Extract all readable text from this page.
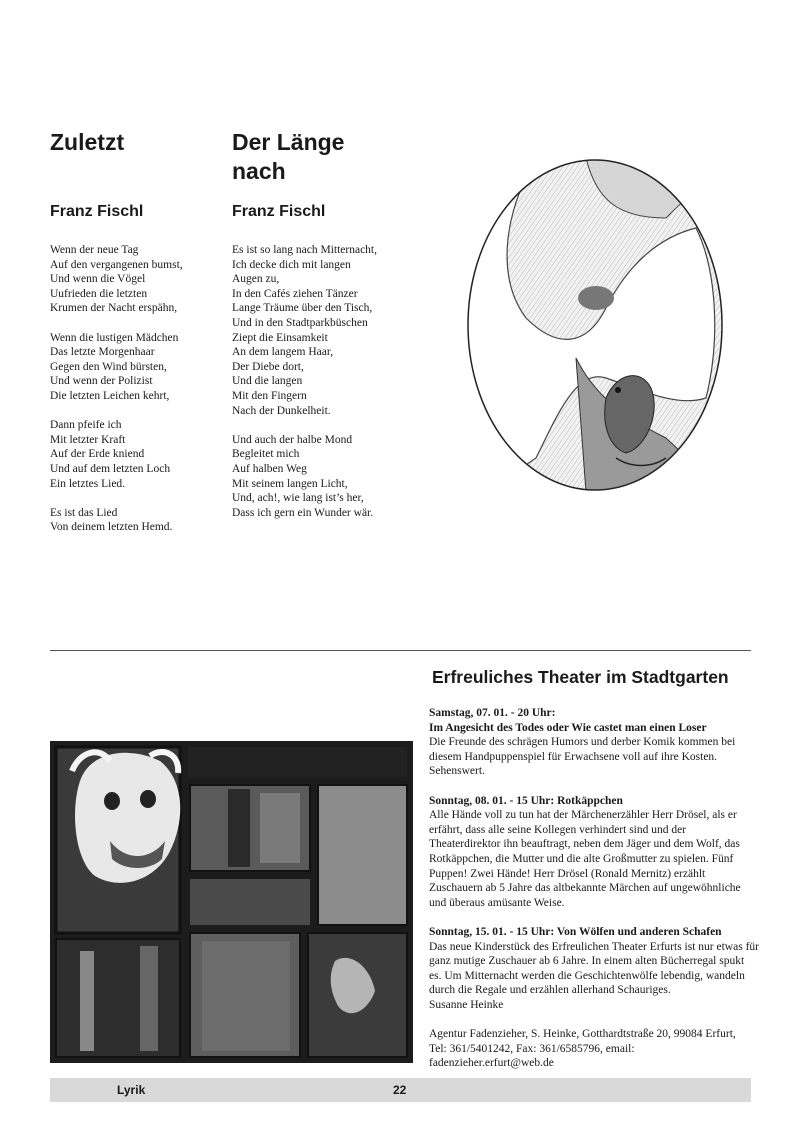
Zuletzt
Franz Fischl
Wenn der neue Tag
Auf den vergangenen bumst,
Und wenn die Vögel
Uufrieden die letzten
Krumen der Nacht erspähn,
Wenn die lustigen Mädchen
Das letzte Morgenhaar
Gegen den Wind bürsten,
Und wenn der Polizist
Die letzten Leichen kehrt,
Dann pfeife ich
Mit letzter Kraft
Auf der Erde kniend
Und auf dem letzten Loch
Ein letztes Lied.
Es ist das Lied
Von deinem letzten Hemd.
Der Länge
nach
Franz Fischl
Es ist so lang nach Mitternacht,
Ich decke dich mit langen
Augen zu,
In den Cafés ziehen Tänzer
Lange Träume über den Tisch,
Und in den Stadtparkbüschen
Ziept die Einsamkeit
An dem langem Haar,
Der Diebe dort,
Und die langen
Mit den Fingern
Nach der Dunkelheit.
Und auch der halbe Mond
Begleitet mich
Auf halben Weg
Mit seinem langen Licht,
Und, ach!, wie lang ist’s her,
Dass ich gern ein Wunder wär.
Erfreuliches Theater im Stadtgarten
Samstag, 07. 01. - 20 Uhr:
Im Angesicht des Todes oder Wie castet man einen Loser
Die Freunde des schrägen Humors und derber Komik kommen bei diesem Handpuppenspiel für Erwachsene voll auf ihre Kosten. Sehenswert.
Sonntag, 08. 01. - 15 Uhr: Rotkäppchen
Alle Hände voll zu tun hat der Märchenerzähler Herr Drösel, als er erfährt, dass alle seine Kollegen verhindert sind und der Theaterdirektor ihn beauftragt, neben dem Jäger und dem Wolf, das Rotkäppchen, die Mutter und die alte Großmutter zu spielen. Fünf Puppen! Zwei Hände! Herr Drösel (Ronald Mernitz) erzählt Zuschauern ab 5 Jahre das altbekannte Märchen auf ungewöhnliche und überaus amüsante Weise.
Sonntag, 15. 01. - 15 Uhr: Von Wölfen und anderen Schafen
Das neue Kinderstück des Erfreulichen Theater Erfurts ist nur etwas für ganz mutige Zuschauer ab 6 Jahre. In einem alten Bücherregal spukt es. Um Mitternacht werden die Geschichtenwölfe lebendig, wandeln durch die Regale und erzählen allerhand Schauriges.
Susanne Heinke
Agentur Fadenzieher, S. Heinke, Gotthardtstraße 20, 99084 Erfurt,
Tel: 361/5401242, Fax: 361/6585796, email: fadenzieher.erfurt@web.de
Lyrik	22
